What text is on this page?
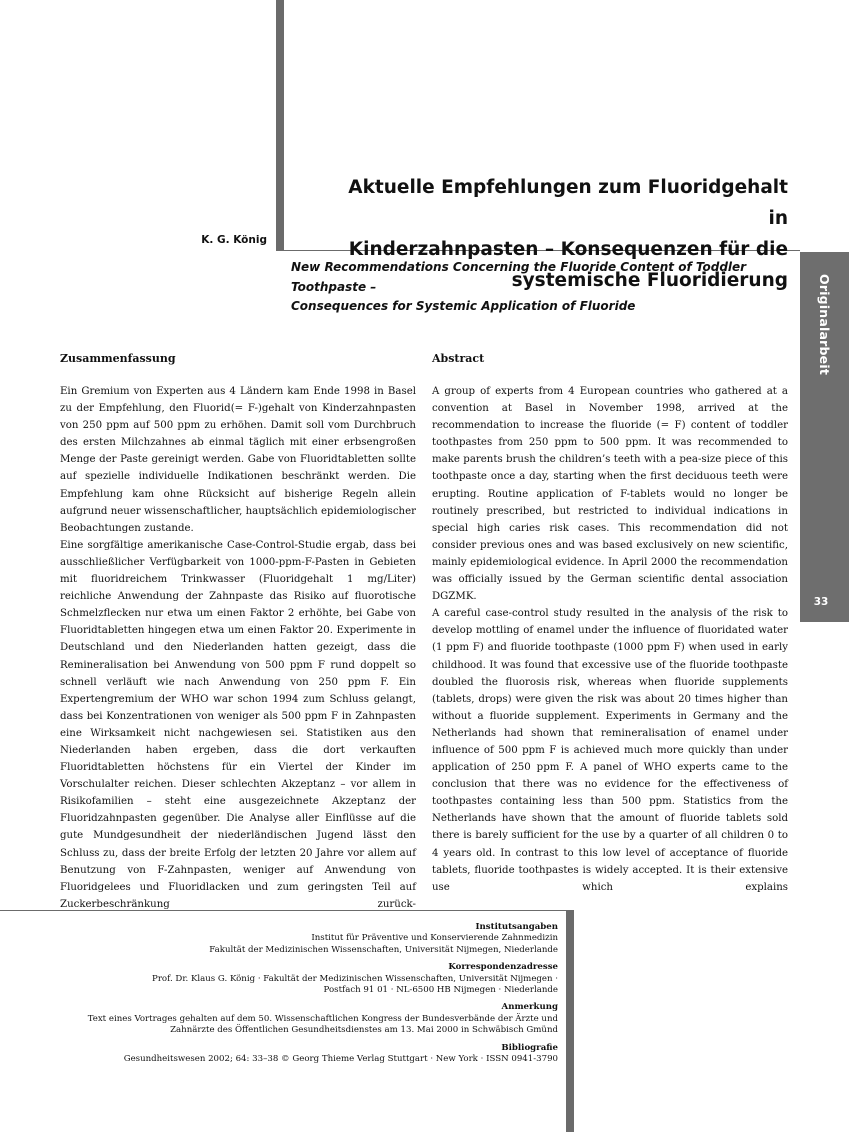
Aktuelle Empfehlungen zum Fluoridgehalt in
Kinderzahnpasten – Konsequenzen für die
systemische Fluoridierung
K. G. König

New Recommendations Concerning the Fluoride Content of Toddler Toothpaste –
Consequences for Systemic Application of Fluoride	Originalarbeit
33
Zusammenfassung

Ein Gremium von Experten aus 4 Ländern kam Ende 1998 in Basel zu der Empfehlung, den Fluorid(= F-)gehalt von Kinderzahnpasten von 250 ppm auf 500 ppm zu erhöhen. Damit soll vom Durchbruch des ersten Milchzahnes ab einmal täglich mit einer erbsengroßen Menge der Paste gereinigt werden. Gabe von Fluoridtabletten sollte auf spezielle individuelle Indikationen beschränkt werden. Die Empfehlung kam ohne Rücksicht auf bisherige Regeln allein aufgrund neuer wissenschaftlicher, hauptsächlich epidemiologischer Beobachtungen zustande.

Eine sorgfältige amerikanische Case-Control-Studie ergab, dass bei ausschließlicher Verfügbarkeit von 1000-ppm-F-Pasten in Gebieten mit fluoridreichem Trinkwasser (Fluoridgehalt 1 mg/Liter) reichliche Anwendung der Zahnpaste das Risiko auf fluorotische Schmelzflecken nur etwa um einen Faktor 2 erhöhte, bei Gabe von Fluoridtabletten hingegen etwa um einen Faktor 20. Experimente in Deutschland und den Niederlanden hatten gezeigt, dass die Remineralisation bei Anwendung von 500 ppm F rund doppelt so schnell verläuft wie nach Anwendung von 250 ppm F. Ein Expertengremium der WHO war schon 1994 zum Schluss gelangt, dass bei Konzentrationen von weniger als 500 ppm F in Zahnpasten eine Wirksamkeit nicht nachgewiesen sei. Statistiken aus den Niederlanden haben ergeben, dass die dort verkauften Fluoridtabletten höchstens für ein Viertel der Kinder im Vorschulalter reichen. Dieser schlechten Akzeptanz – vor allem in Risikofamilien – steht eine ausgezeichnete Akzeptanz der Fluoridzahnpasten gegenüber. Die Analyse aller Einflüsse auf die gute Mundgesundheit der niederländischen Jugend lässt den Schluss zu, dass der breite Erfolg der letzten 20 Jahre vor allem auf Benutzung von F-Zahnpasten, weniger auf Anwendung von Fluoridgelees und Fluoridlacken und zum geringsten Teil auf Zuckerbeschränkung zurück-

Abstract

A group of experts from 4 European countries who gathered at a convention at Basel in November 1998, arrived at the recommendation to increase the fluoride (= F) content of toddler toothpastes from 250 ppm to 500 ppm. It was recommended to make parents brush the children’s teeth with a pea-size piece of this toothpaste once a day, starting when the first deciduous teeth were erupting. Routine application of F-tablets would no longer be routinely prescribed, but restricted to individual indications in special high caries risk cases. This recommendation did not consider previous ones and was based exclusively on new scientific, mainly epidemiological evidence. In April 2000 the recommendation was officially issued by the German scientific dental association DGZMK.

A careful case-control study resulted in the analysis of the risk to develop mottling of enamel under the influence of fluoridated water (1 ppm F) and fluoride toothpaste (1000 ppm F) when used in early childhood. It was found that excessive use of the fluoride toothpaste doubled the fluorosis risk, whereas when fluoride supplements (tablets, drops) were given the risk was about 20 times higher than without a fluoride supplement. Experiments in Germany and the Netherlands had shown that remineralisation of enamel under influence of 500 ppm F is achieved much more quickly than under application of 250 ppm F. A panel of WHO experts came to the conclusion that there was no evidence for the effectiveness of toothpastes containing less than 500 ppm. Statistics from the Netherlands have shown that the amount of fluoride tablets sold there is barely sufficient for the use by a quarter of all children 0 to 4 years old. In contrast to this low level of acceptance of fluoride tablets, fluoride toothpastes is widely accepted. It is their extensive use which explains

Institutsangaben
Institut für Präventive und Konservierende Zahnmedizin
Fakultät der Medizinischen Wissenschaften, Universität Nijmegen, Niederlande
Korrespondenzadresse
Prof. Dr. Klaus G. König · Fakultät der Medizinischen Wissenschaften, Universität Nijmegen ·
Postfach 91 01 · NL-6500 HB Nijmegen · Niederlande
Anmerkung
Text eines Vortrages gehalten auf dem 50. Wissenschaftlichen Kongress der Bundesverbände der Ärzte und
Zahnärzte des Öffentlichen Gesundheitsdienstes am 13. Mai 2000 in Schwäbisch Gmünd
Bibliografie
Gesundheitswesen 2002; 64: 33–38 © Georg Thieme Verlag Stuttgart · New York · ISSN 0941-3790
